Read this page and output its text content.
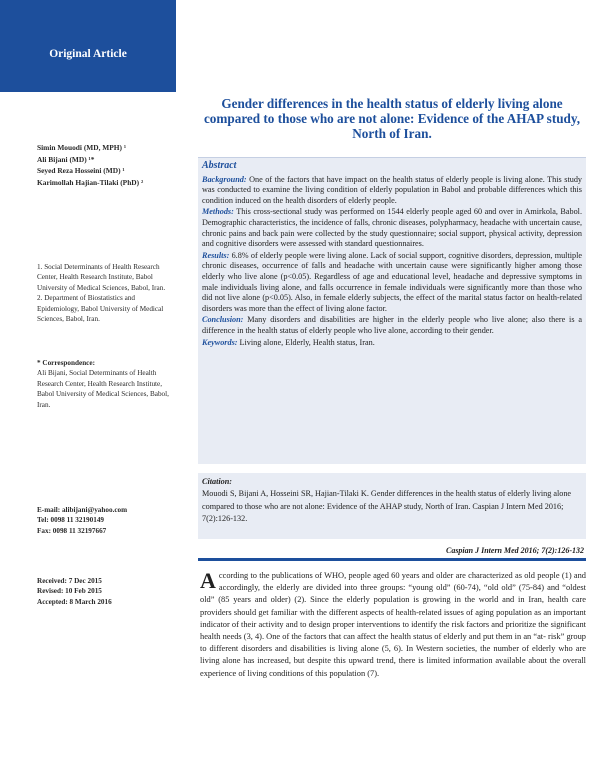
Original Article
Simin Mouodi (MD, MPH) ¹
Ali Bijani (MD) ¹*
Seyed Reza Hosseini (MD) ¹
Karimollah Hajian-Tilaki (PhD) ²
1. Social Determinants of Health Research Center, Health Research Institute, Babol University of Medical Sciences, Babol, Iran.
2. Department of Biostatistics and Epidemiology, Babol University of Medical Sciences, Babol, Iran.
* Correspondence:
Ali Bijani, Social Determinants of Health Research Center, Health Research Institute, Babol University of Medical Sciences, Babol, Iran.
E-mail: alibijani@yahoo.com
Tel: 0098 11 32190149
Fax: 0098 11 32197667
Received: 7 Dec 2015
Revised: 10 Feb 2015
Accepted: 8 March 2016
Gender differences in the health status of elderly living alone compared to those who are not alone: Evidence of the AHAP study, North of Iran.
Abstract

Background: One of the factors that have impact on the health status of elderly people is living alone. This study was conducted to examine the living condition of elderly population in Babol and probable differences which this condition induced on the health disorders of elderly people.

Methods: This cross-sectional study was performed on 1544 elderly people aged 60 and over in Amirkola, Babol. Demographic characteristics, the incidence of falls, chronic diseases, polypharmacy, headache with uncertain cause, chronic pains and back pain were collected by the study questionnaire; social support, physical activity, depression and cognitive disorders were assessed with standard questionnaires.

Results: 6.8% of elderly people were living alone. Lack of social support, cognitive disorders, depression, multiple chronic diseases, occurrence of falls and headache with uncertain cause were significantly higher among those elderly who live alone (p<0.05). Regardless of age and educational level, headache and depressive symptoms in male individuals living alone, and falls occurrence in female individuals were significantly more than those who did not live alone (p<0.05). Also, in female elderly subjects, the effect of the marital status factor on health-related disorders was more than the effect of living alone factor.

Conclusion: Many disorders and disabilities are higher in the elderly people who live alone; also there is a difference in the health status of elderly people who live alone, according to their gender.

Keywords: Living alone, Elderly, Health status, Iran.

Citation:
Mouodi S, Bijani A, Hosseini SR, Hajian-Tilaki K. Gender differences in the health status of elderly living alone compared to those who are not alone: Evidence of the AHAP study, North of Iran. Caspian J Intern Med 2016; 7(2):126-132.
Caspian J Intern Med 2016; 7(2):126-132
According to the publications of WHO, people aged 60 years and older are characterized as old people (1) and accordingly, the elderly are divided into three groups: “young old” (60-74), “old old” (75-84) and “oldest old” (85 years and older) (2). Since the elderly population is growing in the world and in Iran, health care providers should get familiar with the different aspects of health-related issues of aging population as an important indicator of their activity and to design proper interventions to identify the risk factors and prioritize the significant health needs (3, 4). One of the factors that can affect the health status of elderly and put them in an “at- risk” group to different disorders and disabilities is living alone (5, 6). In Western societies, the number of elderly who are living alone has increased, but despite this upward trend, there is limited information available about the overall experience of living conditions of this population (7).
